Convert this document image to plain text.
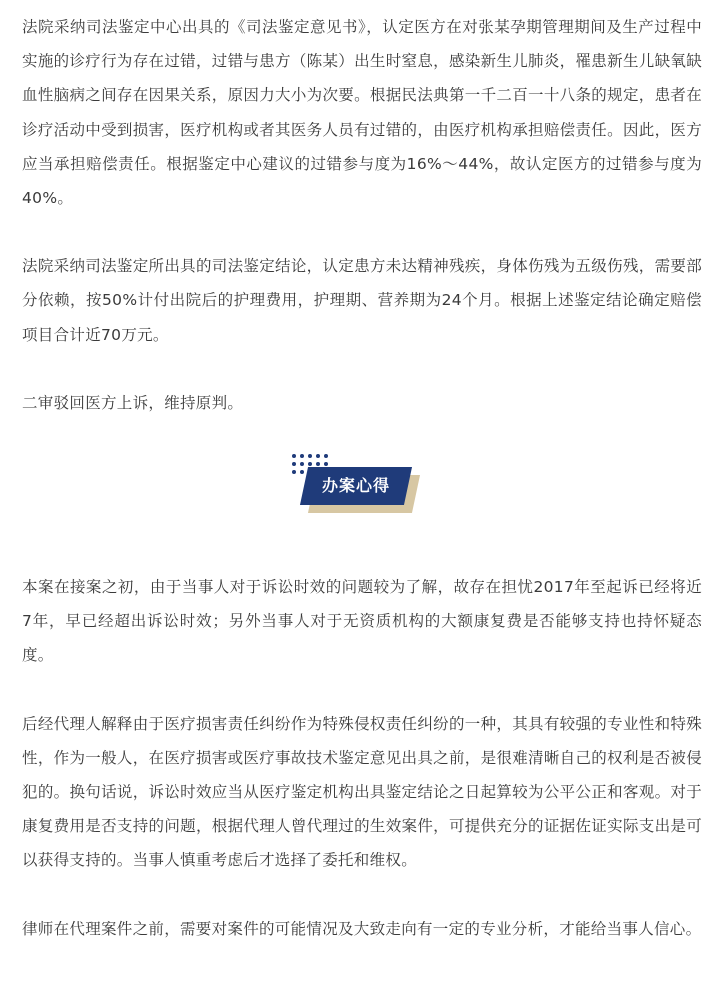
法院采纳司法鉴定中心出具的《司法鉴定意见书》，认定医方在对张某孕期管理期间及生产过程中实施的诊疗行为存在过错，过错与患方（陈某）出生时窒息，感染新生儿肺炎，罹患新生儿缺氧缺血性脑病之间存在因果关系，原因力大小为次要。根据民法典第一千二百一十八条的规定，患者在诊疗活动中受到损害，医疗机构或者其医务人员有过错的，由医疗机构承担赔偿责任。因此，医方应当承担赔偿责任。根据鉴定中心建议的过错参与度为16%～44%，故认定医方的过错参与度为40%。

法院采纳司法鉴定所出具的司法鉴定结论，认定患方未达精神残疾，身体伤残为五级伤残，需要部分依赖，按50%计付出院后的护理费用，护理期、营养期为24个月。根据上述鉴定结论确定赔偿项目合计近70万元。

二审驳回医方上诉，维持原判。

办案心得

本案在接案之初，由于当事人对于诉讼时效的问题较为了解，故存在担忧2017年至起诉已经将近7年，早已经超出诉讼时效；另外当事人对于无资质机构的大额康复费是否能够支持也持怀疑态度。

后经代理人解释由于医疗损害责任纠纷作为特殊侵权责任纠纷的一种，其具有较强的专业性和特殊性，作为一般人，在医疗损害或医疗事故技术鉴定意见出具之前，是很难清晰自己的权利是否被侵犯的。换句话说，诉讼时效应当从医疗鉴定机构出具鉴定结论之日起算较为公平公正和客观。对于康复费用是否支持的问题，根据代理人曾代理过的生效案件，可提供充分的证据佐证实际支出是可以获得支持的。当事人慎重考虑后才选择了委托和维权。

律师在代理案件之前，需要对案件的可能情况及大致走向有一定的专业分析，才能给当事人信心。
